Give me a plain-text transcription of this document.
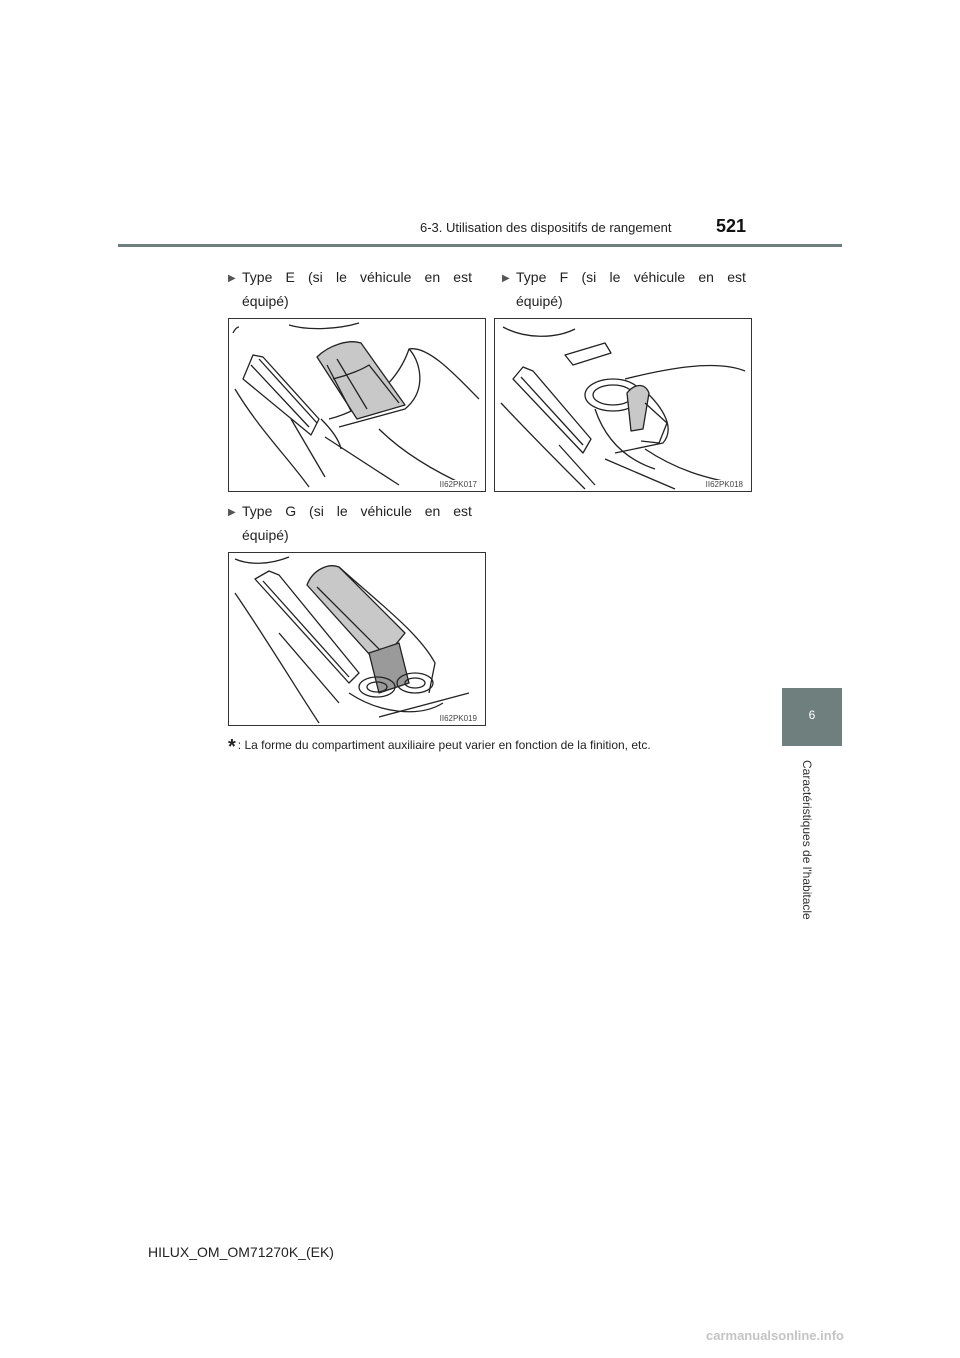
6-3. Utilisation des dispositifs de rangement 521
6
Caractéristiques de l'habitacle
▶ Type E (si le véhicule en est
équipé)
▶ Type F (si le véhicule en est
équipé)
II62PK017	II62PK018
▶ Type G (si le véhicule en est
équipé)
II62PK019
* : La forme du compartiment auxiliaire peut varier en fonction de la finition, etc.
HILUX_OM_OM71270K_(EK)
carmanualsonline.info
